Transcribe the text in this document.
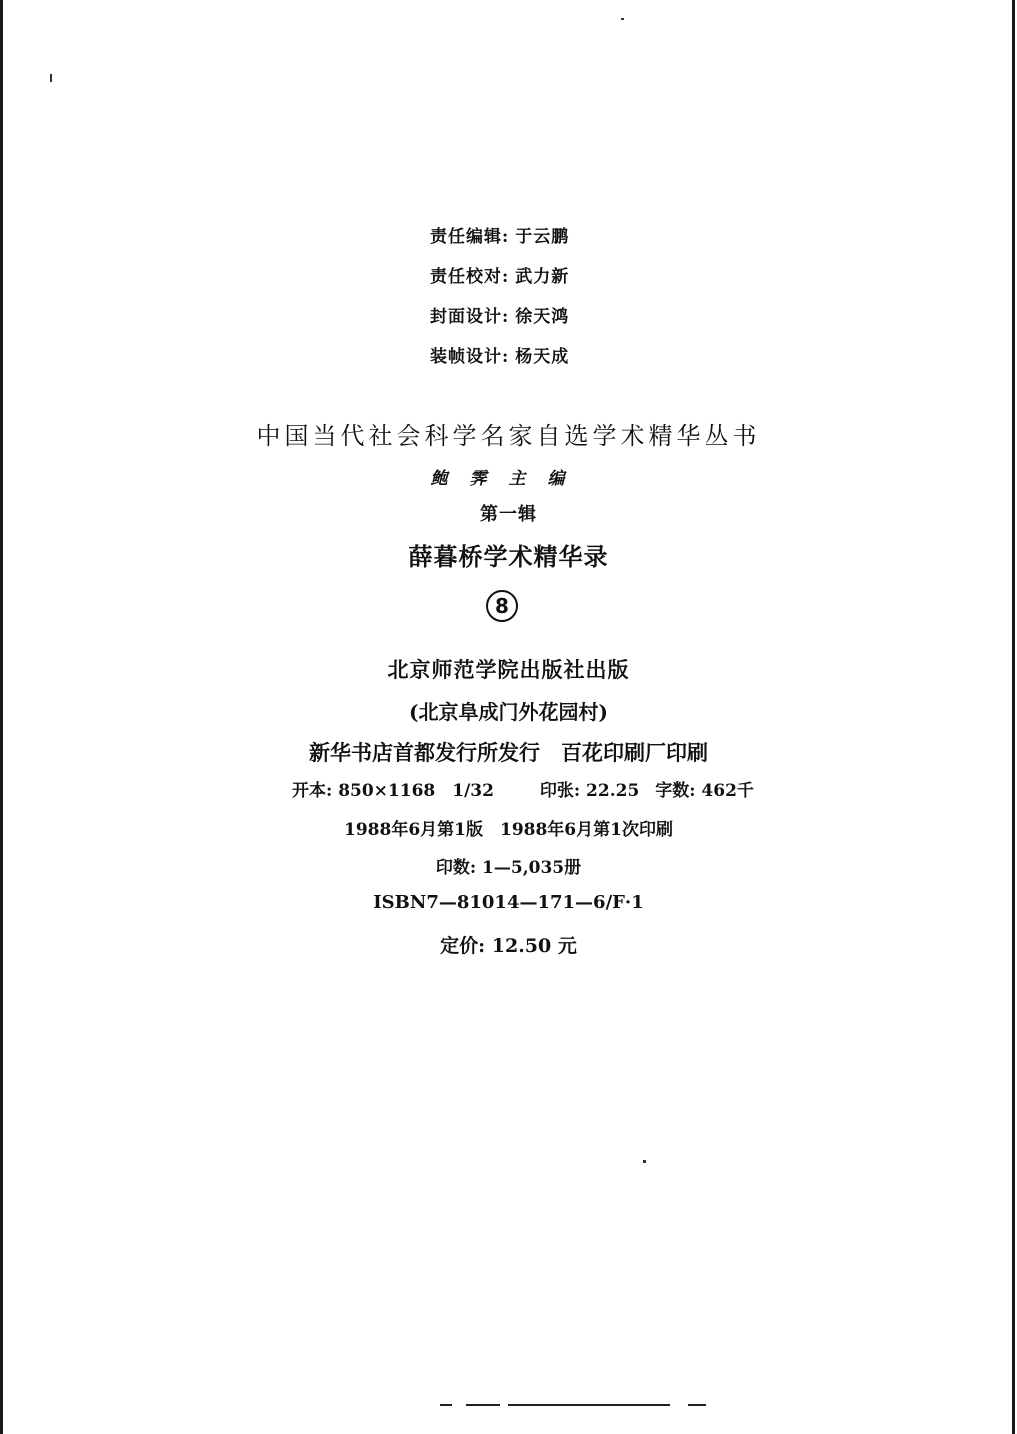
责任编辑: 于云鹏
责任校对: 武力新
封面设计: 徐天鸿
装帧设计: 杨天成
中国当代社会科学名家自选学术精华丛书
鲍霁主编
第一辑
薛暮桥学术精华录
8
北京师范学院出版社出版
(北京阜成门外花园村)
新华书店首都发行所发行　百花印刷厂印刷
开本: 850×1168　1/32	印张: 22.25 字数: 462千
1988年6月第1版　1988年6月第1次印刷
印数: 1—5,035册
ISBN7—81014—171—6/F·1
定价: 12.50 元
